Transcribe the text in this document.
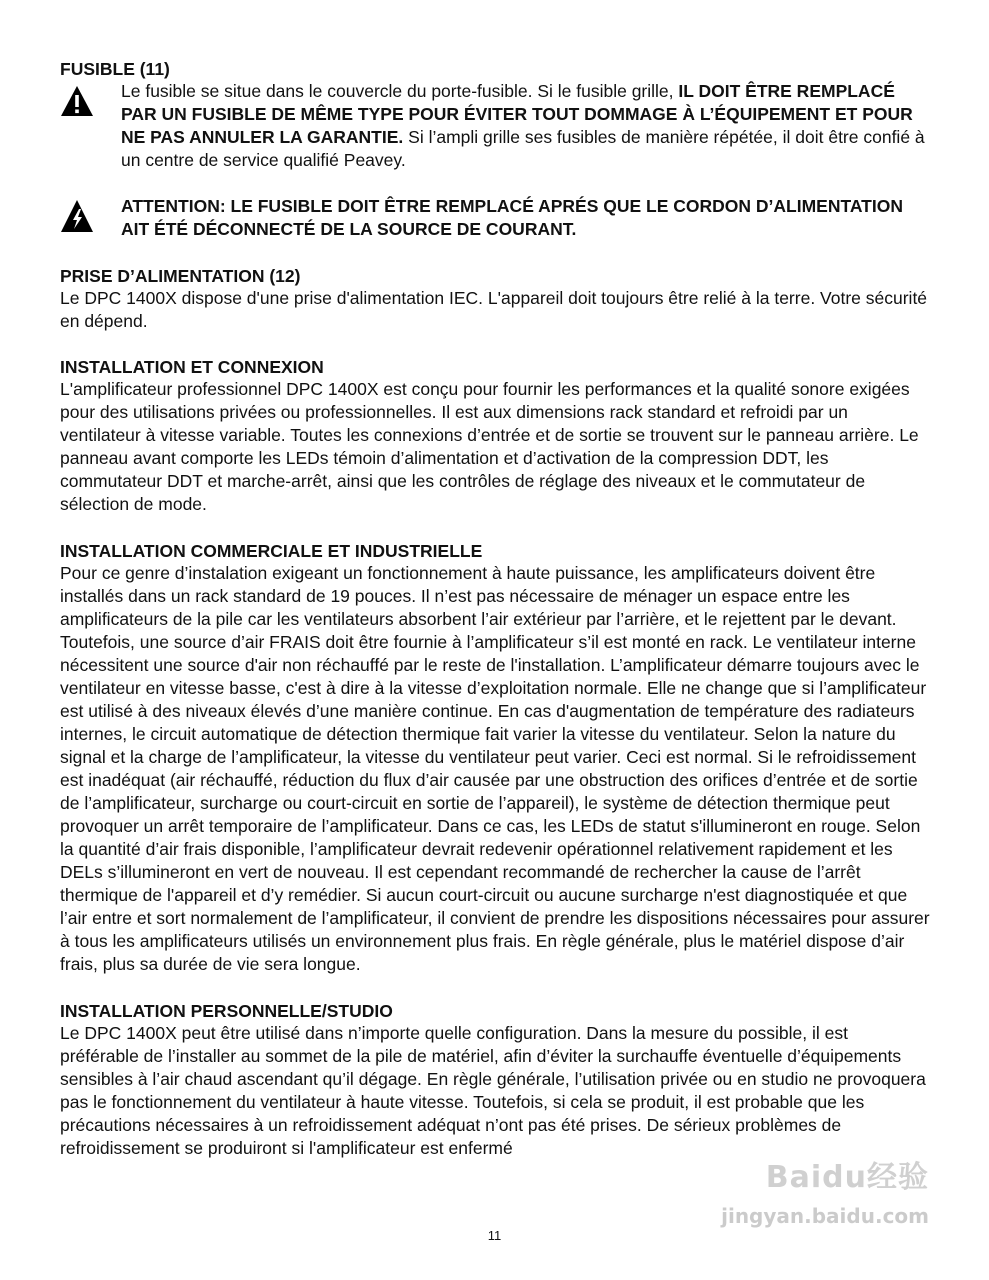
FUSIBLE (11)

Le fusible se situe dans le couvercle du porte-fusible. Si le fusible grille, IL DOIT ÊTRE REMPLACÉ PAR UN FUSIBLE DE MÊME TYPE POUR ÉVITER TOUT DOMMAGE À L’ÉQUIPEMENT ET POUR NE PAS ANNULER LA GARANTIE. Si l’ampli grille ses fusibles de manière répétée, il doit être confié à un centre de service qualifié Peavey.

ATTENTION: LE FUSIBLE DOIT ÊTRE REMPLACÉ APRÉS QUE LE CORDON D’ALIMENTATION AIT ÉTÉ DÉCONNECTÉ DE LA SOURCE DE COURANT.

PRISE D’ALIMENTATION (12)

Le DPC 1400X dispose d'une prise d'alimentation IEC. L'appareil doit toujours être relié à la terre. Votre sécurité en dépend.

INSTALLATION ET CONNEXION

L'amplificateur professionnel DPC 1400X est conçu pour fournir les performances et la qualité sonore exigées pour des utilisations privées ou professionnelles. Il est aux dimensions rack standard et refroidi par un ventilateur à vitesse variable. Toutes les connexions d’entrée et de sortie se trouvent sur le panneau arrière. Le panneau avant comporte les LEDs témoin d’alimentation et d’activation de la compression DDT, les commutateur DDT et marche-arrêt, ainsi que les contrôles de réglage des niveaux et le commutateur de sélection de mode.

INSTALLATION COMMERCIALE ET INDUSTRIELLE

Pour ce genre d’instalation exigeant un fonctionnement à haute puissance, les amplificateurs doivent être installés dans un rack standard de 19 pouces. Il n’est pas nécessaire de ménager un espace entre les amplificateurs de la pile car les ventilateurs absorbent l’air extérieur par l’arrière, et le rejettent par le devant. Toutefois, une source d’air FRAIS doit être fournie à l’amplificateur s’il est monté en rack. Le ventilateur interne nécessitent une source d'air non réchauffé par le reste de l'installation. L’amplificateur démarre toujours avec le ventilateur en vitesse basse, c'est à dire à la vitesse d’exploitation normale. Elle ne change que si l’amplificateur est utilisé à des niveaux élevés d’une manière continue. En cas d'augmentation de température des radiateurs internes, le circuit automatique de détection thermique fait varier la vitesse du ventilateur. Selon la nature du signal et la charge de l’amplificateur, la vitesse du ventilateur peut varier. Ceci est normal. Si le refroidissement est inadéquat (air réchauffé, réduction du flux d’air causée par une obstruction des orifices d’entrée et de sortie de l’amplificateur, surcharge ou court-circuit en sortie de l’appareil), le système de détection thermique peut provoquer un arrêt temporaire de l’amplificateur. Dans ce cas, les LEDs de statut s'illumineront en rouge. Selon la quantité d’air frais disponible, l’amplificateur devrait redevenir opérationnel relativement rapidement et les DELs s’illumineront en vert de nouveau. Il est cependant recommandé de rechercher la cause de l’arrêt thermique de l'appareil et d’y remédier. Si aucun court-circuit ou aucune surcharge n'est diagnostiquée et que l’air entre et sort normalement de l’amplificateur, il convient de prendre les dispositions nécessaires pour assurer à tous les amplificateurs utilisés un environnement plus frais. En règle générale, plus le matériel dispose d’air frais, plus sa durée de vie sera longue.

INSTALLATION PERSONNELLE/STUDIO

Le DPC 1400X peut être utilisé dans n’importe quelle configuration. Dans la mesure du possible, il est préférable de l’installer au sommet de la pile de matériel, afin d’éviter la surchauffe éventuelle d’équipements sensibles à l’air chaud ascendant qu’il dégage. En règle générale, l’utilisation privée ou en studio ne provoquera pas le fonctionnement du ventilateur à haute vitesse. Toutefois, si cela se produit, il est probable que les précautions nécessaires à un refroidissement adéquat n’ont pas été prises. De sérieux problèmes de refroidissement se produiront si l'amplificateur est enfermé

11
Baidu经验
jingyan.baidu.com
